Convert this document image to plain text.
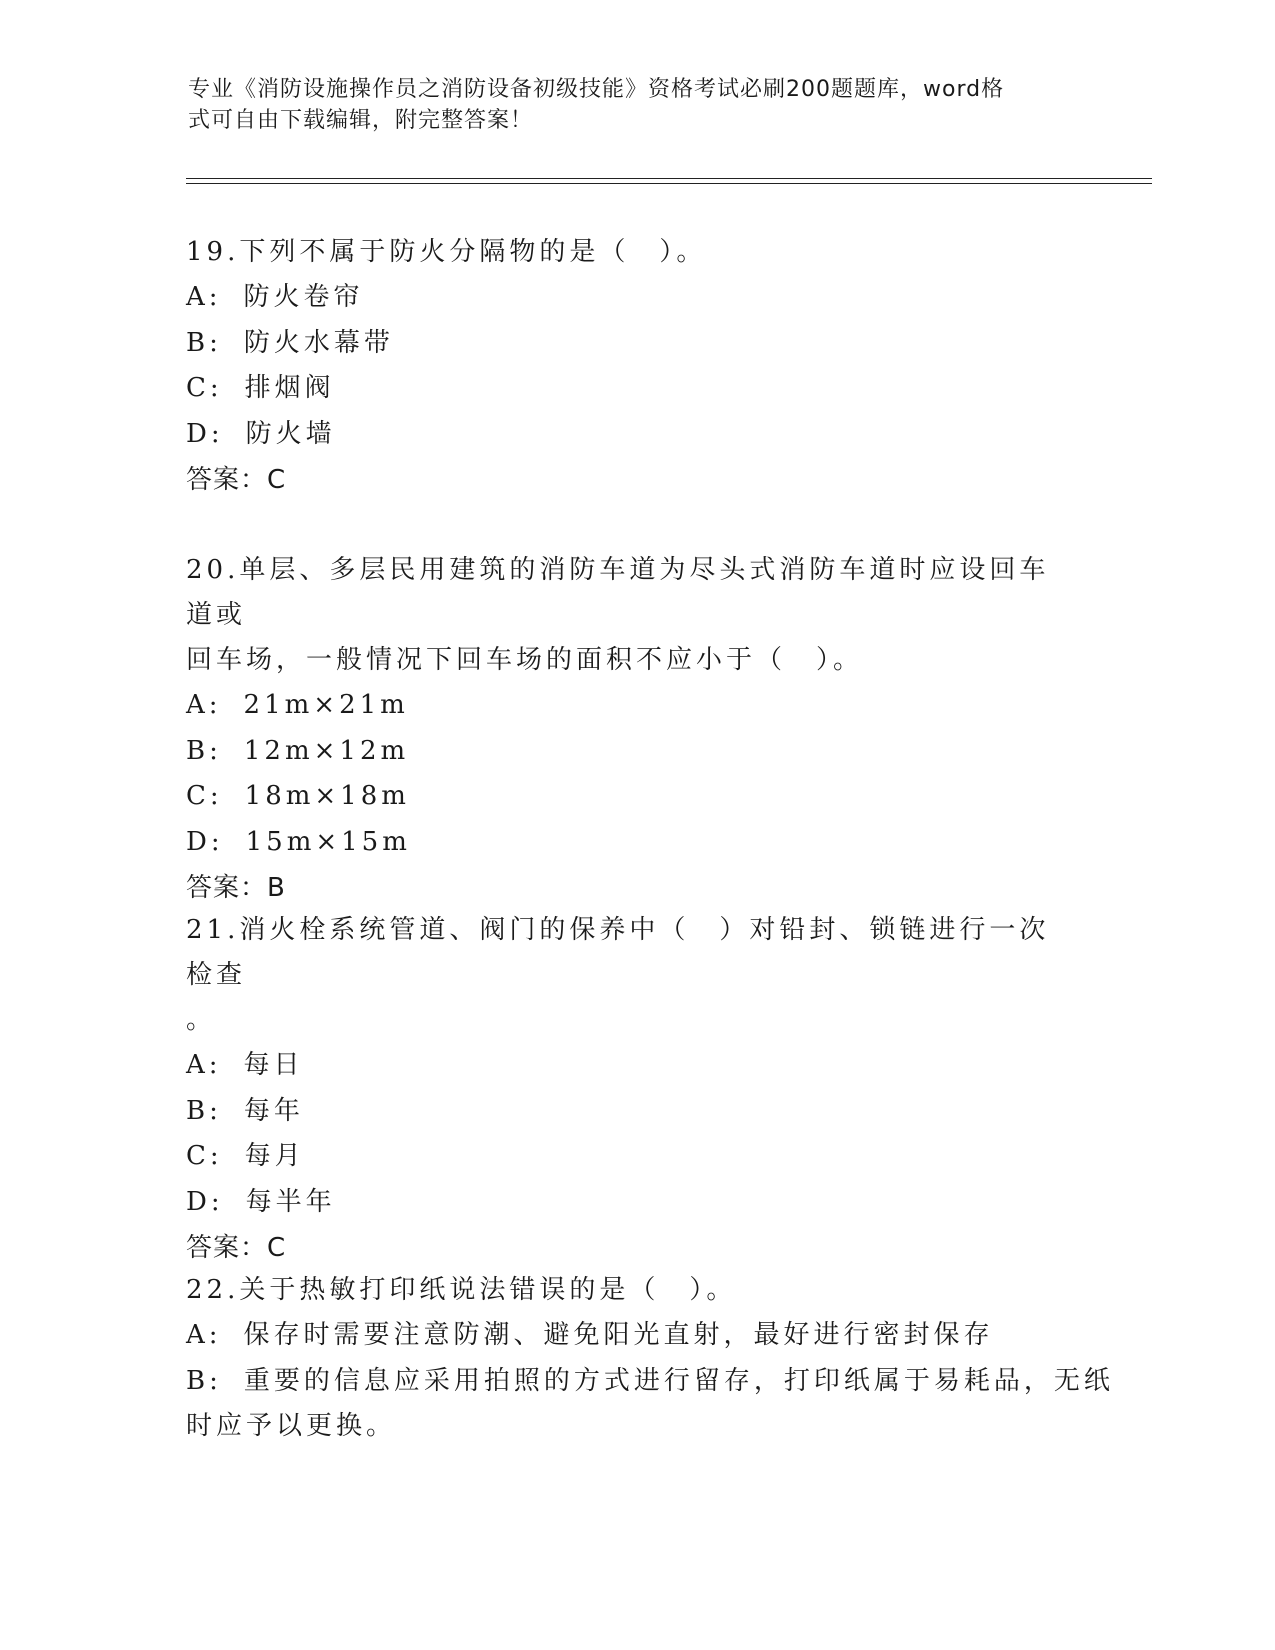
专业《消防设施操作员之消防设备初级技能》资格考试必刷200题题库，word格
式可自由下载编辑，附完整答案！
19.下列不属于防火分隔物的是（　）。
A: 防火卷帘
B: 防火水幕带
C: 排烟阀
D: 防火墙
答案：C
20.单层、多层民用建筑的消防车道为尽头式消防车道时应设回车道或
回车场，一般情况下回车场的面积不应小于（　）。
A: 21m×21m
B: 12m×12m
C: 18m×18m
D: 15m×15m
答案：B
21.消火栓系统管道、阀门的保养中（　）对铅封、锁链进行一次检查
。
A: 每日
B: 每年
C: 每月
D: 每半年
答案：C
22.关于热敏打印纸说法错误的是（　）。
A: 保存时需要注意防潮、避免阳光直射，最好进行密封保存
B: 重要的信息应采用拍照的方式进行留存，打印纸属于易耗品，无纸
时应予以更换。
